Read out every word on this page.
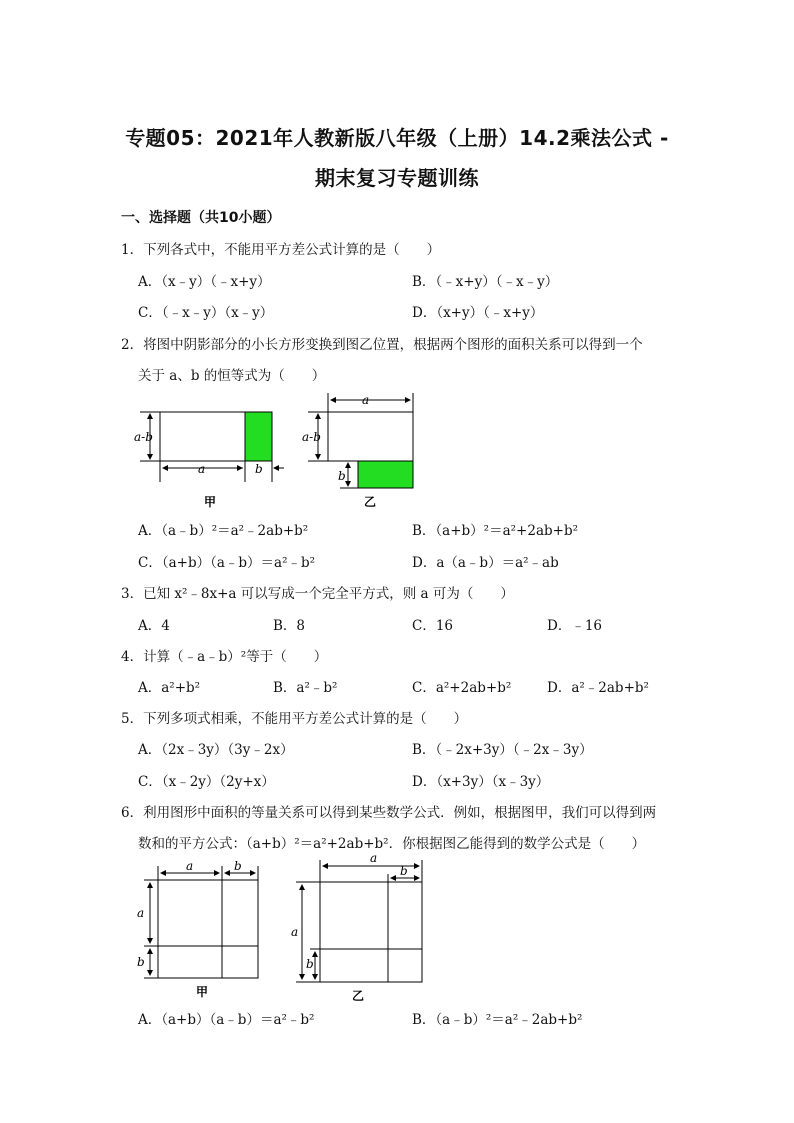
专题05：2021年人教新版八年级（上册）14.2乘法公式 -
期末复习专题训练
一、选择题（共10小题）
1．下列各式中，不能用平方差公式计算的是（　　）
A．（x﹣y）（﹣x+y）	B．（﹣x+y）（﹣x﹣y）
C．（﹣x﹣y）（x﹣y）	D．（x+y）（﹣x+y）
2．将图中阴影部分的小长方形变换到图乙位置，根据两个图形的面积关系可以得到一个
关于 a、b 的恒等式为（　　）
a-b
a	b
甲
a
a-b
b
乙
A．（a﹣b）²＝a²﹣2ab+b²	B．（a+b）²＝a²+2ab+b²
C．（a+b）（a﹣b）＝a²﹣b²	D．a（a﹣b）＝a²﹣ab
3．已知 x²﹣8x+a 可以写成一个完全平方式，则 a 可为（　　）
A．4	B．8	C．16	D．﹣16
4．计算（﹣a﹣b）²等于（　　）
A．a²+b²	B．a²﹣b²	C．a²+2ab+b²	D．a²﹣2ab+b²
5．下列多项式相乘，不能用平方差公式计算的是（　　）
A．（2x﹣3y）（3y﹣2x）	B．（﹣2x+3y）（﹣2x﹣3y）
C．（x﹣2y）（2y+x）	D．（x+3y）（x﹣3y）
6．利用图形中面积的等量关系可以得到某些数学公式．例如，根据图甲，我们可以得到两
数和的平方公式：（a+b）²＝a²+2ab+b²．你根据图乙能得到的数学公式是（　　）
a	b
a
b
甲
a
b
a
b
乙
A．（a+b）（a﹣b）＝a²﹣b²	B．（a﹣b）²＝a²﹣2ab+b²
